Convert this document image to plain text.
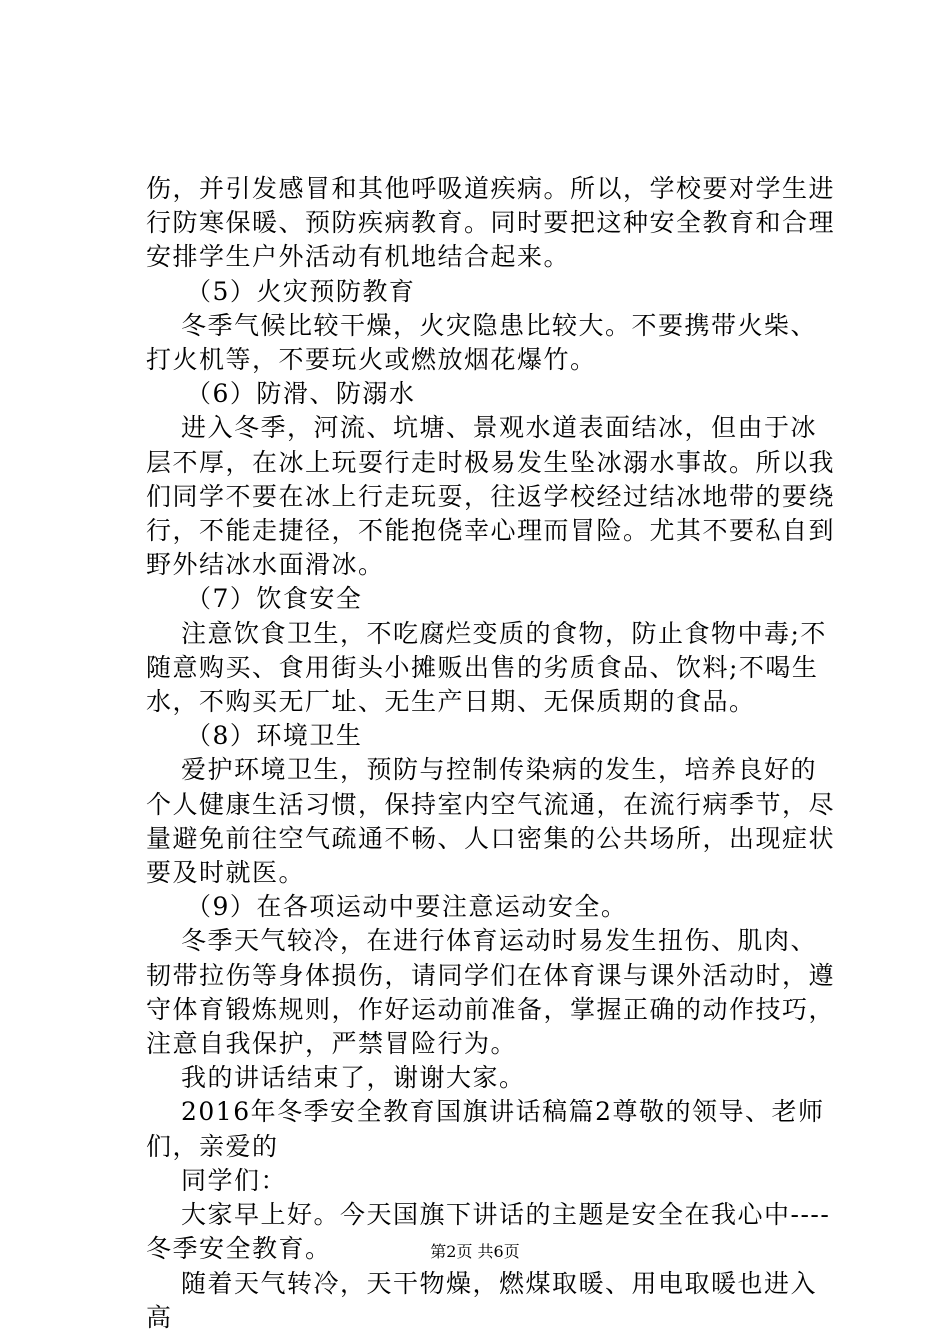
伤，并引发感冒和其他呼吸道疾病。所以，学校要对学生进行防寒保暖、预防疾病教育。同时要把这种安全教育和合理安排学生户外活动有机地结合起来。

（5）火灾预防教育

冬季气候比较干燥，火灾隐患比较大。不要携带火柴、打火机等，不要玩火或燃放烟花爆竹。

（6）防滑、防溺水

进入冬季，河流、坑塘、景观水道表面结冰，但由于冰层不厚，在冰上玩耍行走时极易发生坠冰溺水事故。所以我们同学不要在冰上行走玩耍，往返学校经过结冰地带的要绕行，不能走捷径，不能抱侥幸心理而冒险。尤其不要私自到野外结冰水面滑冰。

（7）饮食安全

注意饮食卫生，不吃腐烂变质的食物，防止食物中毒;不随意购买、食用街头小摊贩出售的劣质食品、饮料;不喝生水，不购买无厂址、无生产日期、无保质期的食品。

（8）环境卫生

爱护环境卫生，预防与控制传染病的发生，培养良好的个人健康生活习惯，保持室内空气流通，在流行病季节，尽量避免前往空气疏通不畅、人口密集的公共场所，出现症状要及时就医。

（9）在各项运动中要注意运动安全。

冬季天气较冷，在进行体育运动时易发生扭伤、肌肉、韧带拉伤等身体损伤，请同学们在体育课与课外活动时，遵守体育锻炼规则，作好运动前准备，掌握正确的动作技巧，注意自我保护，严禁冒险行为。

我的讲话结束了，谢谢大家。

2016年冬季安全教育国旗讲话稿篇2尊敬的领导、老师们，亲爱的

同学们：

大家早上好。今天国旗下讲话的主题是安全在我心中----冬季安全教育。

随着天气转冷，天干物燥，燃煤取暖、用电取暖也进入高

第2页 共6页
